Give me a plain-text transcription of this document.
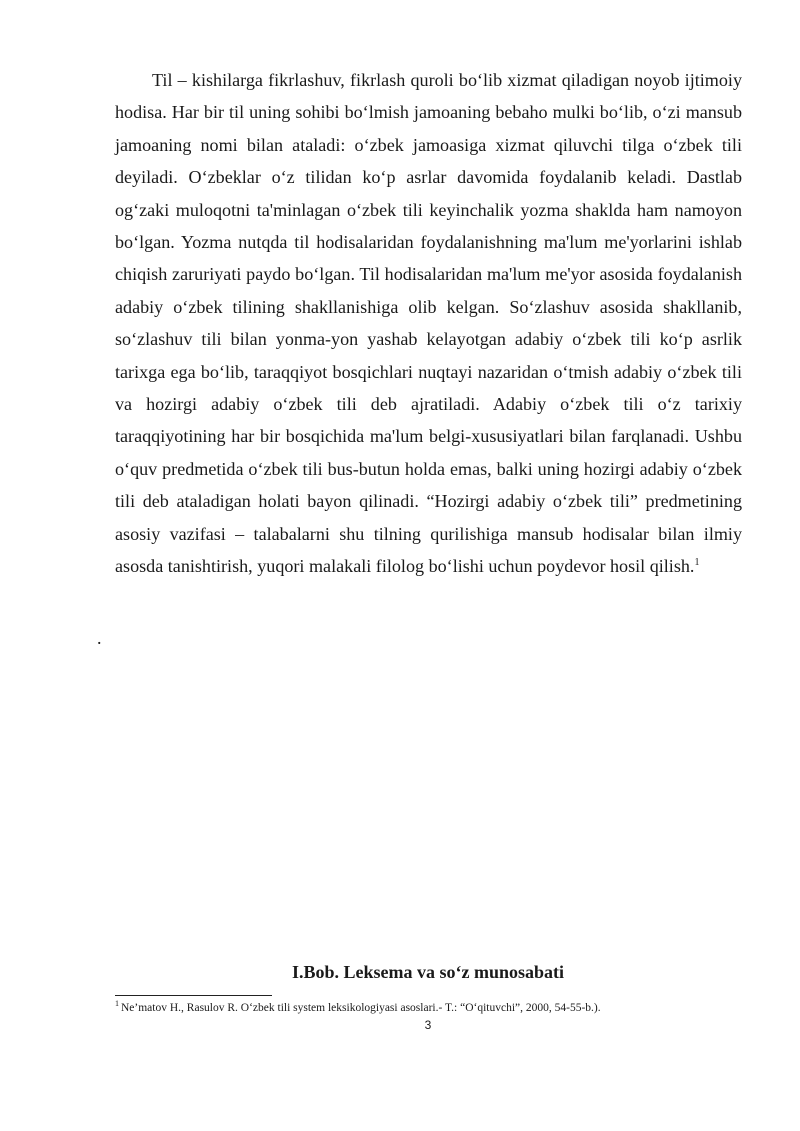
Til – kishilarga fikrlashuv, fikrlash quroli bo‘lib xizmat qiladigan noyob ijtimoiy hodisa. Har bir til uning sohibi bo‘lmish jamoaning bebaho mulki bo‘lib, o‘zi mansub jamoaning nomi bilan ataladi: o‘zbek jamoasiga xizmat qiluvchi tilga o‘zbek tili deyiladi. O‘zbeklar o‘z tilidan ko‘p asrlar davomida foydalanib keladi. Dastlab og‘zaki muloqotni ta'minlagan o‘zbek tili keyinchalik yozma shaklda ham namoyon bo‘lgan. Yozma nutqda til hodisalaridan foydalanishning ma'lum me'yorlarini ishlab chiqish zaruriyati paydo bo‘lgan. Til hodisalaridan ma'lum me'yor asosida foydalanish adabiy o‘zbek tilining shakllanishiga olib kelgan. So‘zlashuv asosida shakllanib, so‘zlashuv tili bilan yonma-yon yashab kelayotgan adabiy o‘zbek tili ko‘p asrlik tarixga ega bo‘lib, taraqqiyot bosqichlari nuqtayi nazaridan o‘tmish adabiy o‘zbek tili va hozirgi adabiy o‘zbek tili deb ajratiladi. Adabiy o‘zbek tili o‘z tarixiy taraqqiyotining har bir bosqichida ma'lum belgi-xususiyatlari bilan farqlanadi. Ushbu o‘quv predmetida o‘zbek tili bus-butun holda emas, balki uning hozirgi adabiy o‘zbek tili deb ataladigan holati bayon qilinadi. “Hozirgi adabiy o‘zbek tili” predmetining asosiy vazifasi – talabalarni shu tilning qurilishiga mansub hodisalar bilan ilmiy asosda tanishtirish, yuqori malakali filolog bo‘lishi uchun poydevor hosil qilish.$^1$

.
I.Bob. Leksema va so‘z munosabati

$^1$ Ne’matov H., Rasulov R. O‘zbek tili system leksikologiyasi asoslari.- T.: “O‘qituvchi”, 2000, 54-55-b.).

3
